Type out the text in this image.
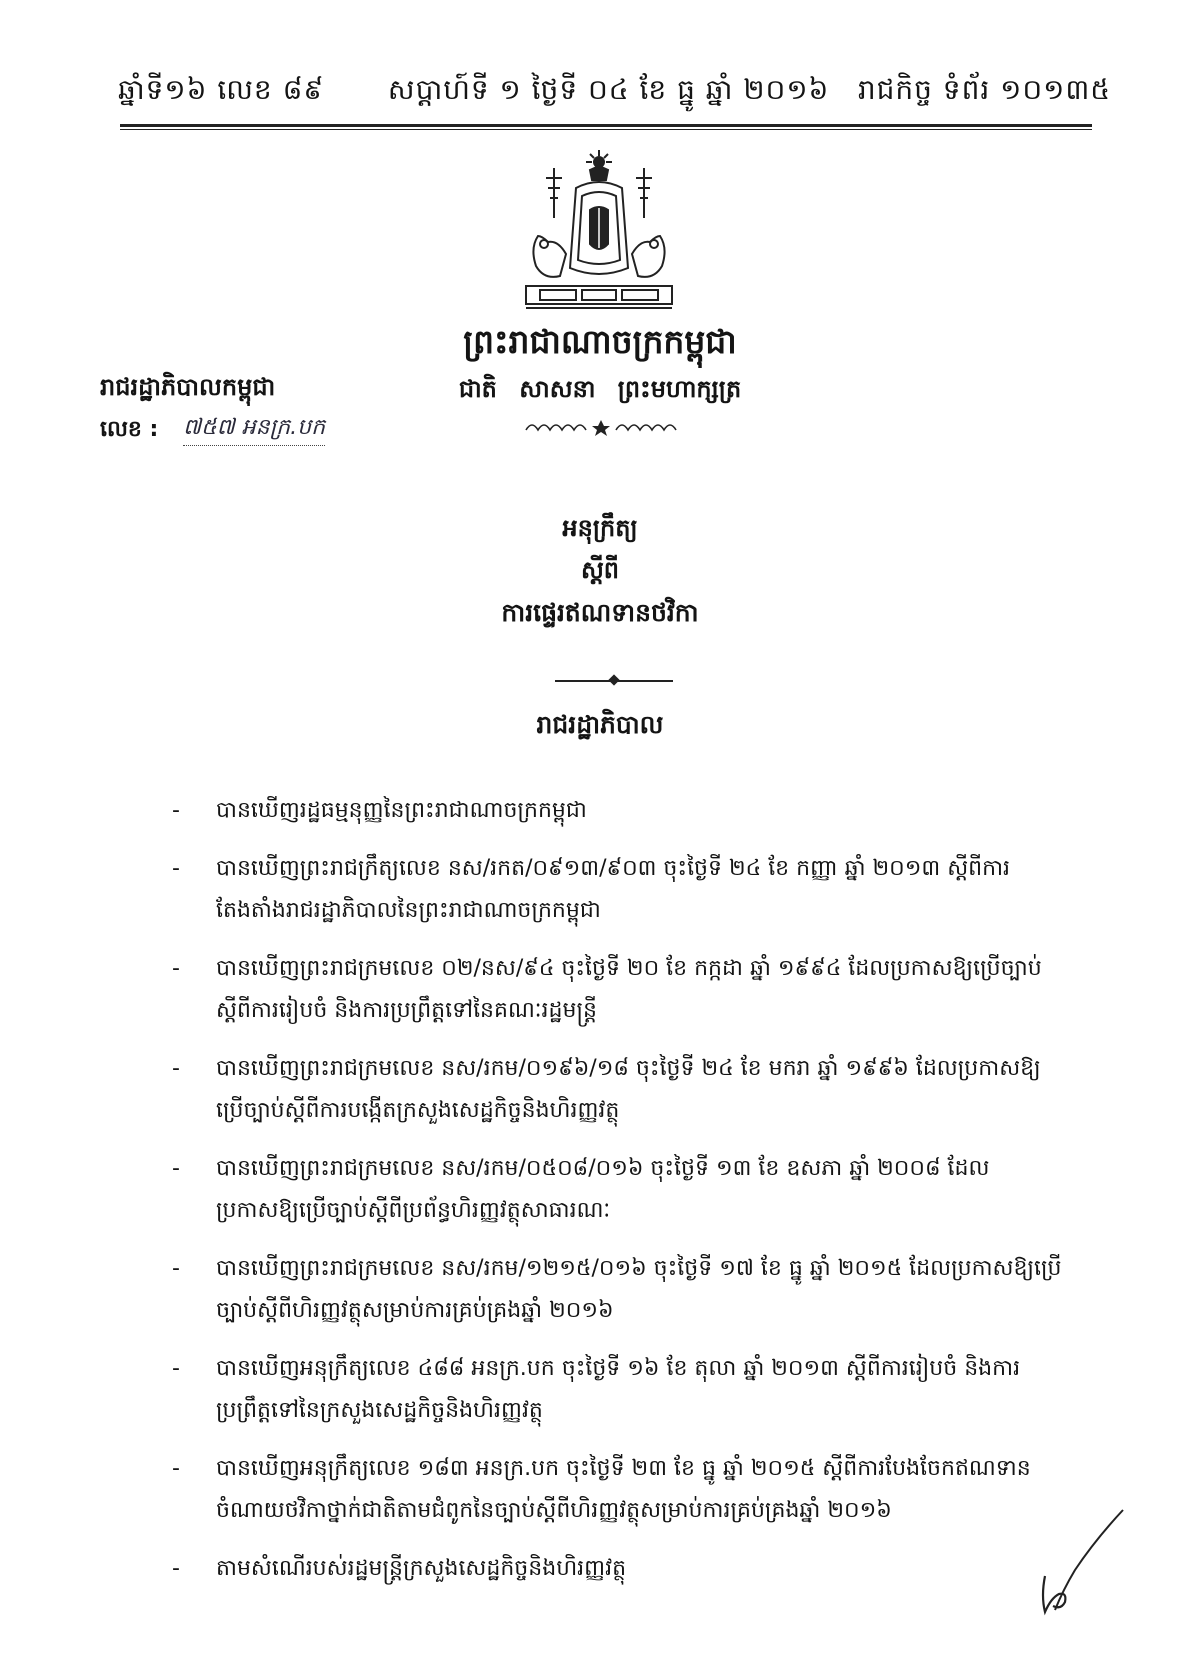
ឆ្នាំទី១៦ លេខ ៨៩ សប្តាហ៍ទី ១ ថ្ងៃទី ០៤ ខែ ធ្នូ ឆ្នាំ ២០១៦ រាជកិច្ច ទំព័រ ១០១៣៥
ព្រះរាជាណាចក្រកម្ពុជា
ជាតិ សាសនា ព្រះមហាក្សត្រ
រាជរដ្ឋាភិបាលកម្ពុជា
លេខ : ៧៥៧ អនក្រ.បក
អនុក្រឹត្យ
ស្តីពី
ការផ្ទេរឥណទានថវិកា
រាជរដ្ឋាភិបាល
- បានឃើញរដ្ឋធម្មនុញ្ញនៃព្រះរាជាណាចក្រកម្ពុជា
- បានឃើញព្រះរាជក្រឹត្យលេខ នស/រកត/០៩១៣/៩០៣ ចុះថ្ងៃទី ២៤ ខែ កញ្ញា ឆ្នាំ ២០១៣ ស្តីពីការតែងតាំងរាជរដ្ឋាភិបាលនៃព្រះរាជាណាចក្រកម្ពុជា
- បានឃើញព្រះរាជក្រមលេខ ០២/នស/៩៤ ចុះថ្ងៃទី ២០ ខែ កក្កដា ឆ្នាំ ១៩៩៤ ដែលប្រកាសឱ្យប្រើច្បាប់ស្តីពីការរៀបចំ និងការប្រព្រឹត្តទៅនៃគណៈរដ្ឋមន្ត្រី
- បានឃើញព្រះរាជក្រមលេខ នស/រកម/០១៩៦/១៨ ចុះថ្ងៃទី ២៤ ខែ មករា ឆ្នាំ ១៩៩៦ ដែលប្រកាសឱ្យប្រើច្បាប់ស្តីពីការបង្កើតក្រសួងសេដ្ឋកិច្ចនិងហិរញ្ញវត្ថុ
- បានឃើញព្រះរាជក្រមលេខ នស/រកម/០៥០៨/០១៦ ចុះថ្ងៃទី ១៣ ខែ ឧសភា ឆ្នាំ ២០០៨ ដែលប្រកាសឱ្យប្រើច្បាប់ស្តីពីប្រព័ន្ធហិរញ្ញវត្ថុសាធារណៈ
- បានឃើញព្រះរាជក្រមលេខ នស/រកម/១២១៥/០១៦ ចុះថ្ងៃទី ១៧ ខែ ធ្នូ ឆ្នាំ ២០១៥ ដែលប្រកាសឱ្យប្រើច្បាប់ស្តីពីហិរញ្ញវត្ថុសម្រាប់ការគ្រប់គ្រងឆ្នាំ ២០១៦
- បានឃើញអនុក្រឹត្យលេខ ៤៨៨ អនក្រ.បក ចុះថ្ងៃទី ១៦ ខែ តុលា ឆ្នាំ ២០១៣ ស្តីពីការរៀបចំ និងការប្រព្រឹត្តទៅនៃក្រសួងសេដ្ឋកិច្ចនិងហិរញ្ញវត្ថុ
- បានឃើញអនុក្រឹត្យលេខ ១៨៣ អនក្រ.បក ចុះថ្ងៃទី ២៣ ខែ ធ្នូ ឆ្នាំ ២០១៥ ស្តីពីការបែងចែកឥណទានចំណាយថវិកាថ្នាក់ជាតិតាមជំពូកនៃច្បាប់ស្តីពីហិរញ្ញវត្ថុសម្រាប់ការគ្រប់គ្រងឆ្នាំ ២០១៦
- តាមសំណើរបស់រដ្ឋមន្ត្រីក្រសួងសេដ្ឋកិច្ចនិងហិរញ្ញវត្ថុ
